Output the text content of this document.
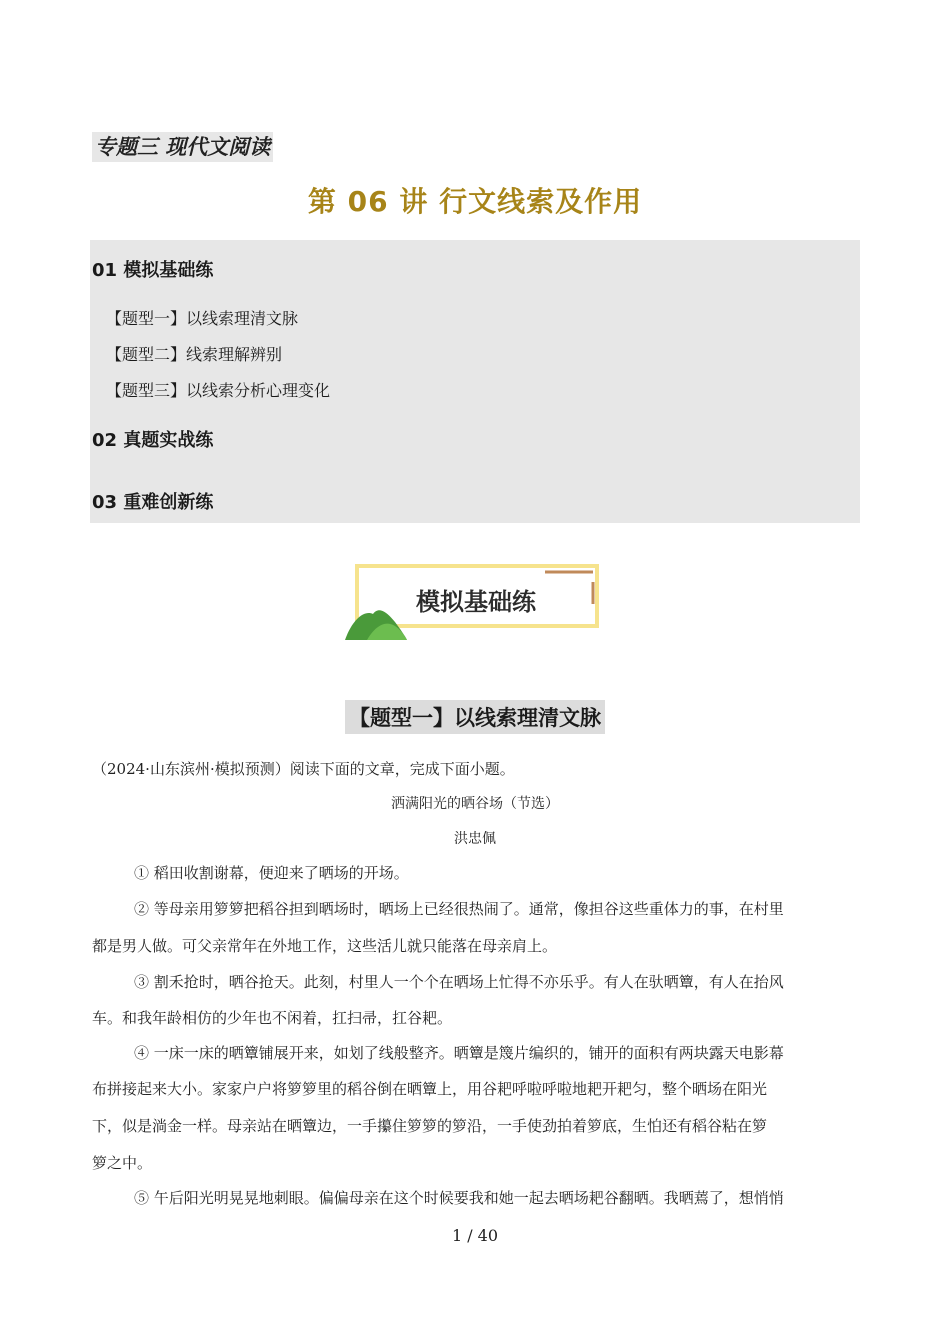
专题三 现代文阅读
第 06 讲 行文线索及作用
01 模拟基础练
【题型一】以线索理清文脉
【题型二】线索理解辨别
【题型三】以线索分析心理变化
02 真题实战练
03 重难创新练
模拟基础练
【题型一】以线索理清文脉
（2024·山东滨州·模拟预测）阅读下面的文章，完成下面小题。
洒满阳光的晒谷场（节选）
洪忠佩
① 稻田收割谢幕，便迎来了晒场的开场。
② 等母亲用箩箩把稻谷担到晒场时，晒场上已经很热闹了。通常，像担谷这些重体力的事，在村里
都是男人做。可父亲常年在外地工作，这些活儿就只能落在母亲肩上。
③ 割禾抢时，晒谷抢天。此刻，村里人一个个在晒场上忙得不亦乐乎。有人在驮晒簟，有人在抬风
车。和我年龄相仿的少年也不闲着，扛扫帚，扛谷耙。
④ 一床一床的晒簟铺展开来，如划了线般整齐。晒簟是篾片编织的，铺开的面积有两块露天电影幕
布拼接起来大小。家家户户将箩箩里的稻谷倒在晒簟上，用谷耙呼啦呼啦地耙开耙匀，整个晒场在阳光
下，似是淌金一样。母亲站在晒簟边，一手攥住箩箩的箩沿，一手使劲拍着箩底，生怕还有稻谷粘在箩
箩之中。
⑤ 午后阳光明晃晃地刺眼。偏偏母亲在这个时候要我和她一起去晒场耙谷翻晒。我晒蔫了，想悄悄
1 / 40
